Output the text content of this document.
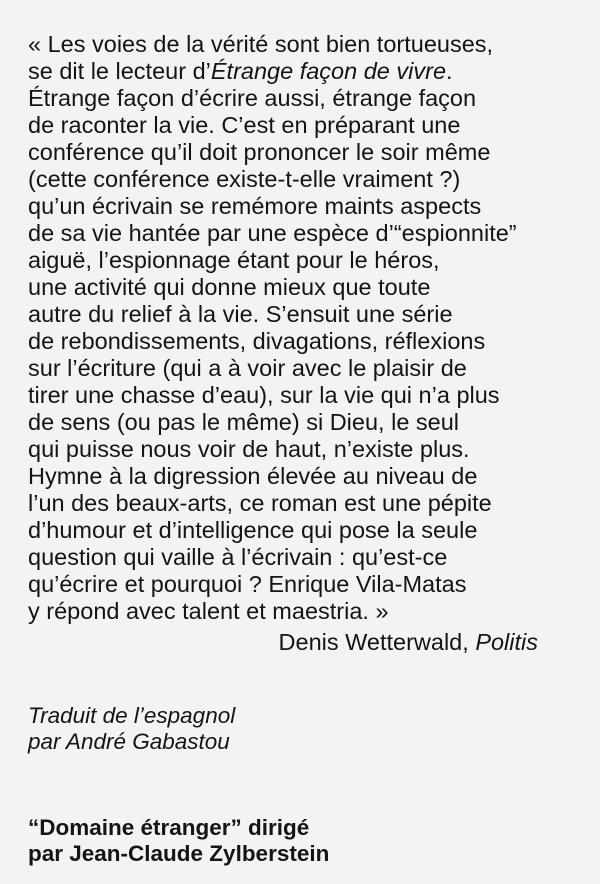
« Les voies de la vérité sont bien tortueuses,
se dit le lecteur d’Étrange façon de vivre.
Étrange façon d’écrire aussi, étrange façon
de raconter la vie. C’est en préparant une
conférence qu’il doit prononcer le soir même
(cette conférence existe-t-elle vraiment ?)
qu’un écrivain se remémore maints aspects
de sa vie hantée par une espèce d’“espionnite”
aiguë, l’espionnage étant pour le héros,
une activité qui donne mieux que toute
autre du relief à la vie. S’ensuit une série
de rebondissements, divagations, réflexions
sur l’écriture (qui a à voir avec le plaisir de
tirer une chasse d’eau), sur la vie qui n’a plus
de sens (ou pas le même) si Dieu, le seul
qui puisse nous voir de haut, n’existe plus.
Hymne à la digression élevée au niveau de
l’un des beaux-arts, ce roman est une pépite
d’humour et d’intelligence qui pose la seule
question qui vaille à l’écrivain : qu’est-ce
qu’écrire et pourquoi ? Enrique Vila-Matas
y répond avec talent et maestria. »
Denis Wetterwald, Politis
Traduit de l’espagnol
par André Gabastou
“Domaine étranger” dirigé
par Jean-Claude Zylberstein
